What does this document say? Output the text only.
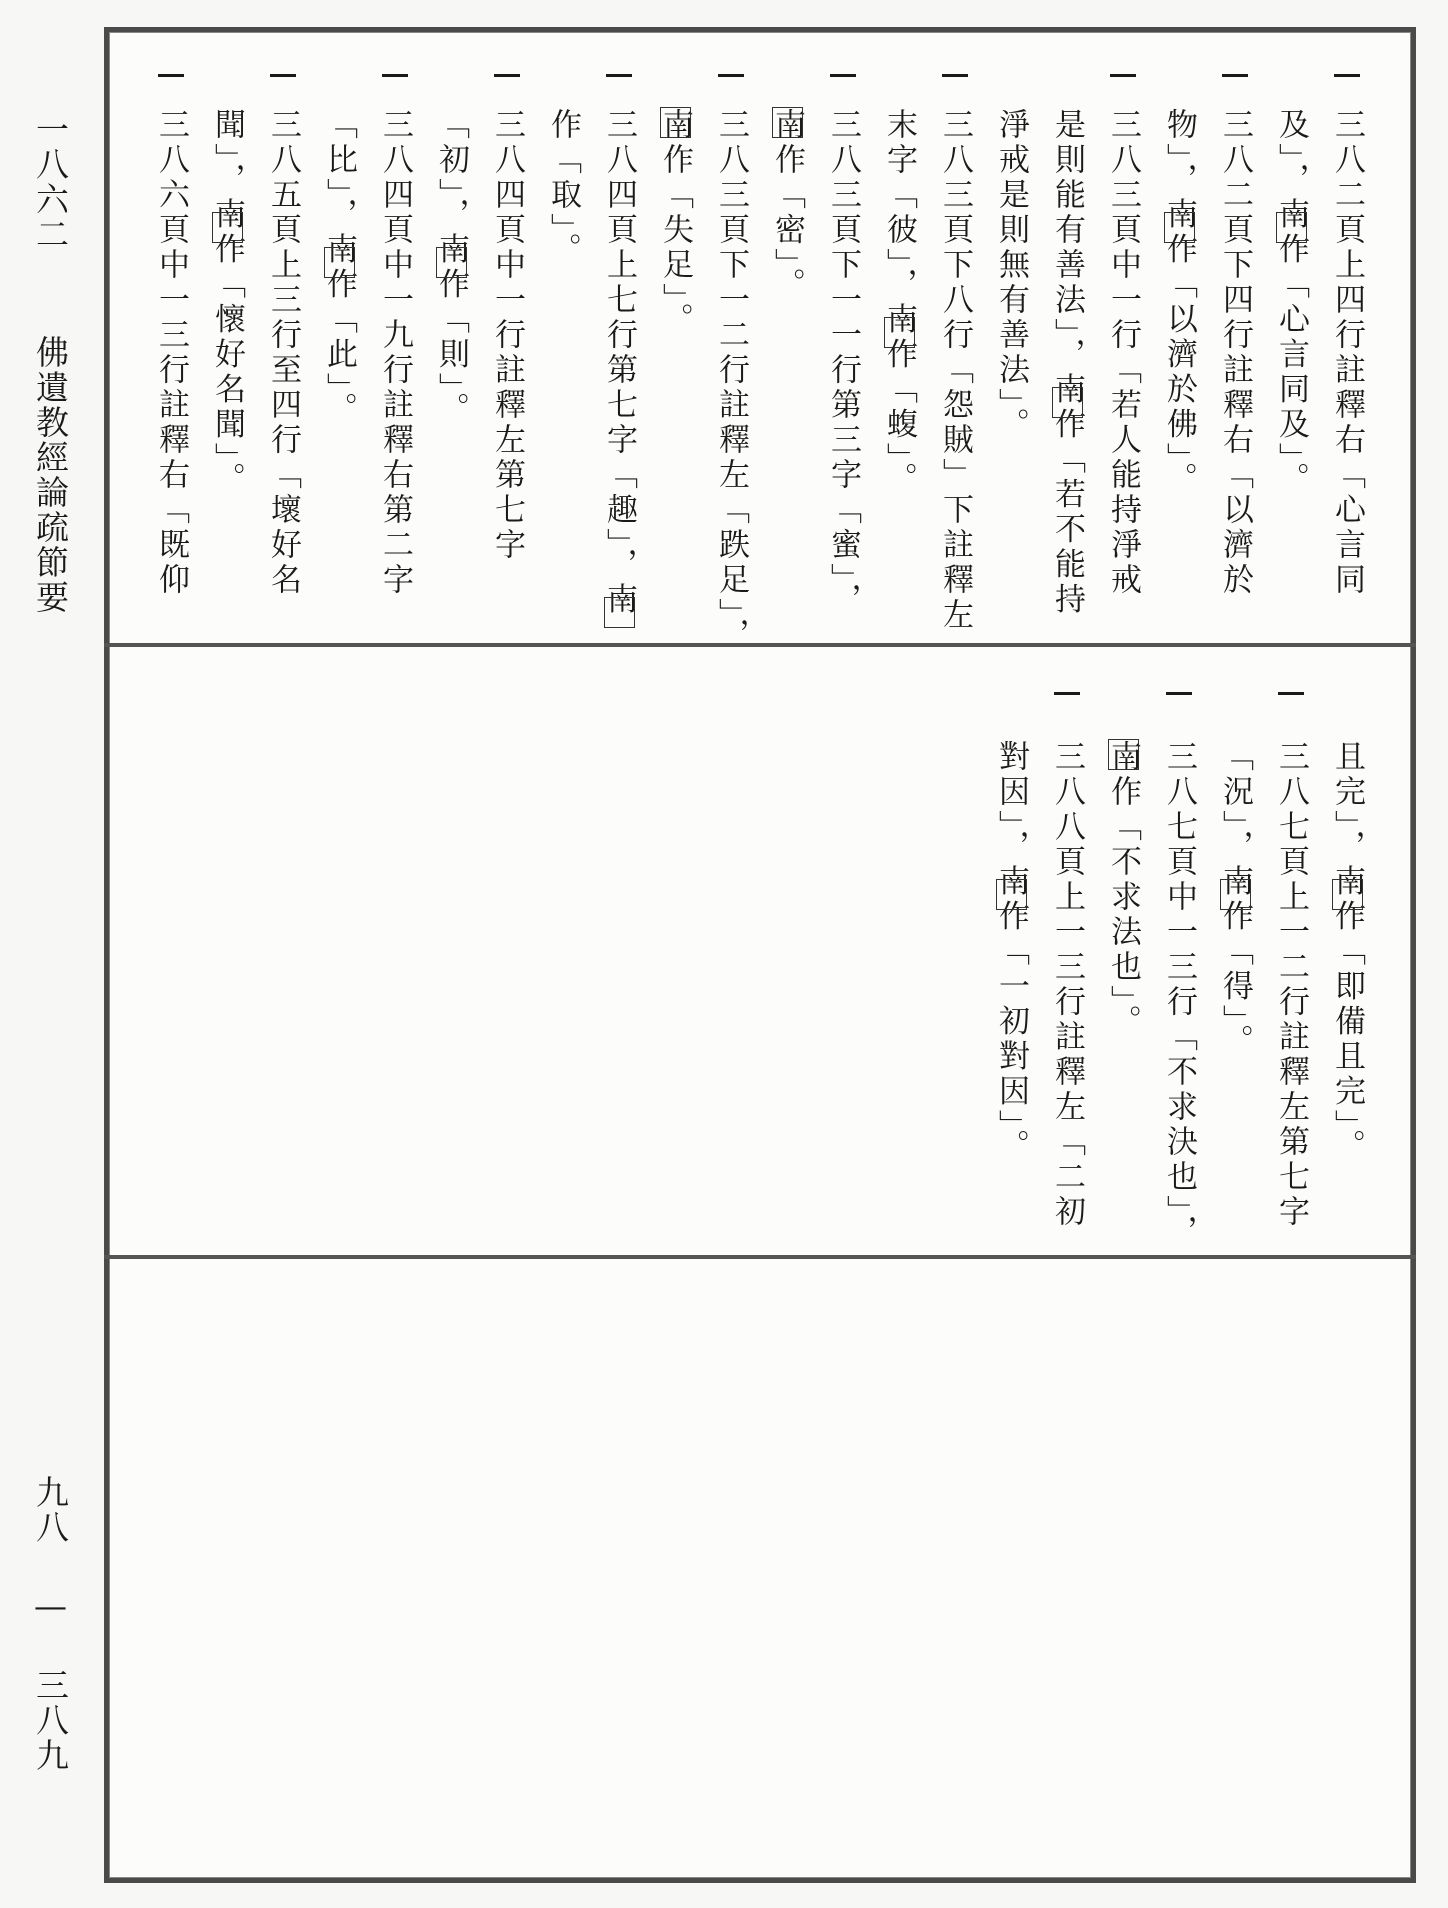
一八六二
佛遺教經論疏節要
九八 — 三八九
三八二頁上四行註釋右「心言同
及」，南作「心言同及」。
三八二頁下四行註釋右「以濟於
物」，南作「以濟於佛」。
三八三頁中一行「若人能持淨戒
是則能有善法」，南作「若不能持
淨戒是則無有善法」。
三八三頁下八行「怨賊」下註釋左
末字「彼」，南作「蝮」。
三八三頁下一一行第三字「蜜」，
南作「密」。
三八三頁下一二行註釋左「跌足」，
南作「失足」。
三八四頁上七行第七字「趣」，南
作「取」。
三八四頁中一行註釋左第七字
「初」，南作「則」。
三八四頁中一九行註釋右第二字
「比」，南作「此」。
三八五頁上三行至四行「壞好名
聞」，南作「懷好名聞」。
三八六頁中一三行註釋右「既仰
且完」，南作「即備且完」。
三八七頁上一二行註釋左第七字
「況」，南作「得」。
三八七頁中一三行「不求決也」，
南作「不求法也」。
三八八頁上一三行註釋左「二初
對因」，南作「一初對因」。
